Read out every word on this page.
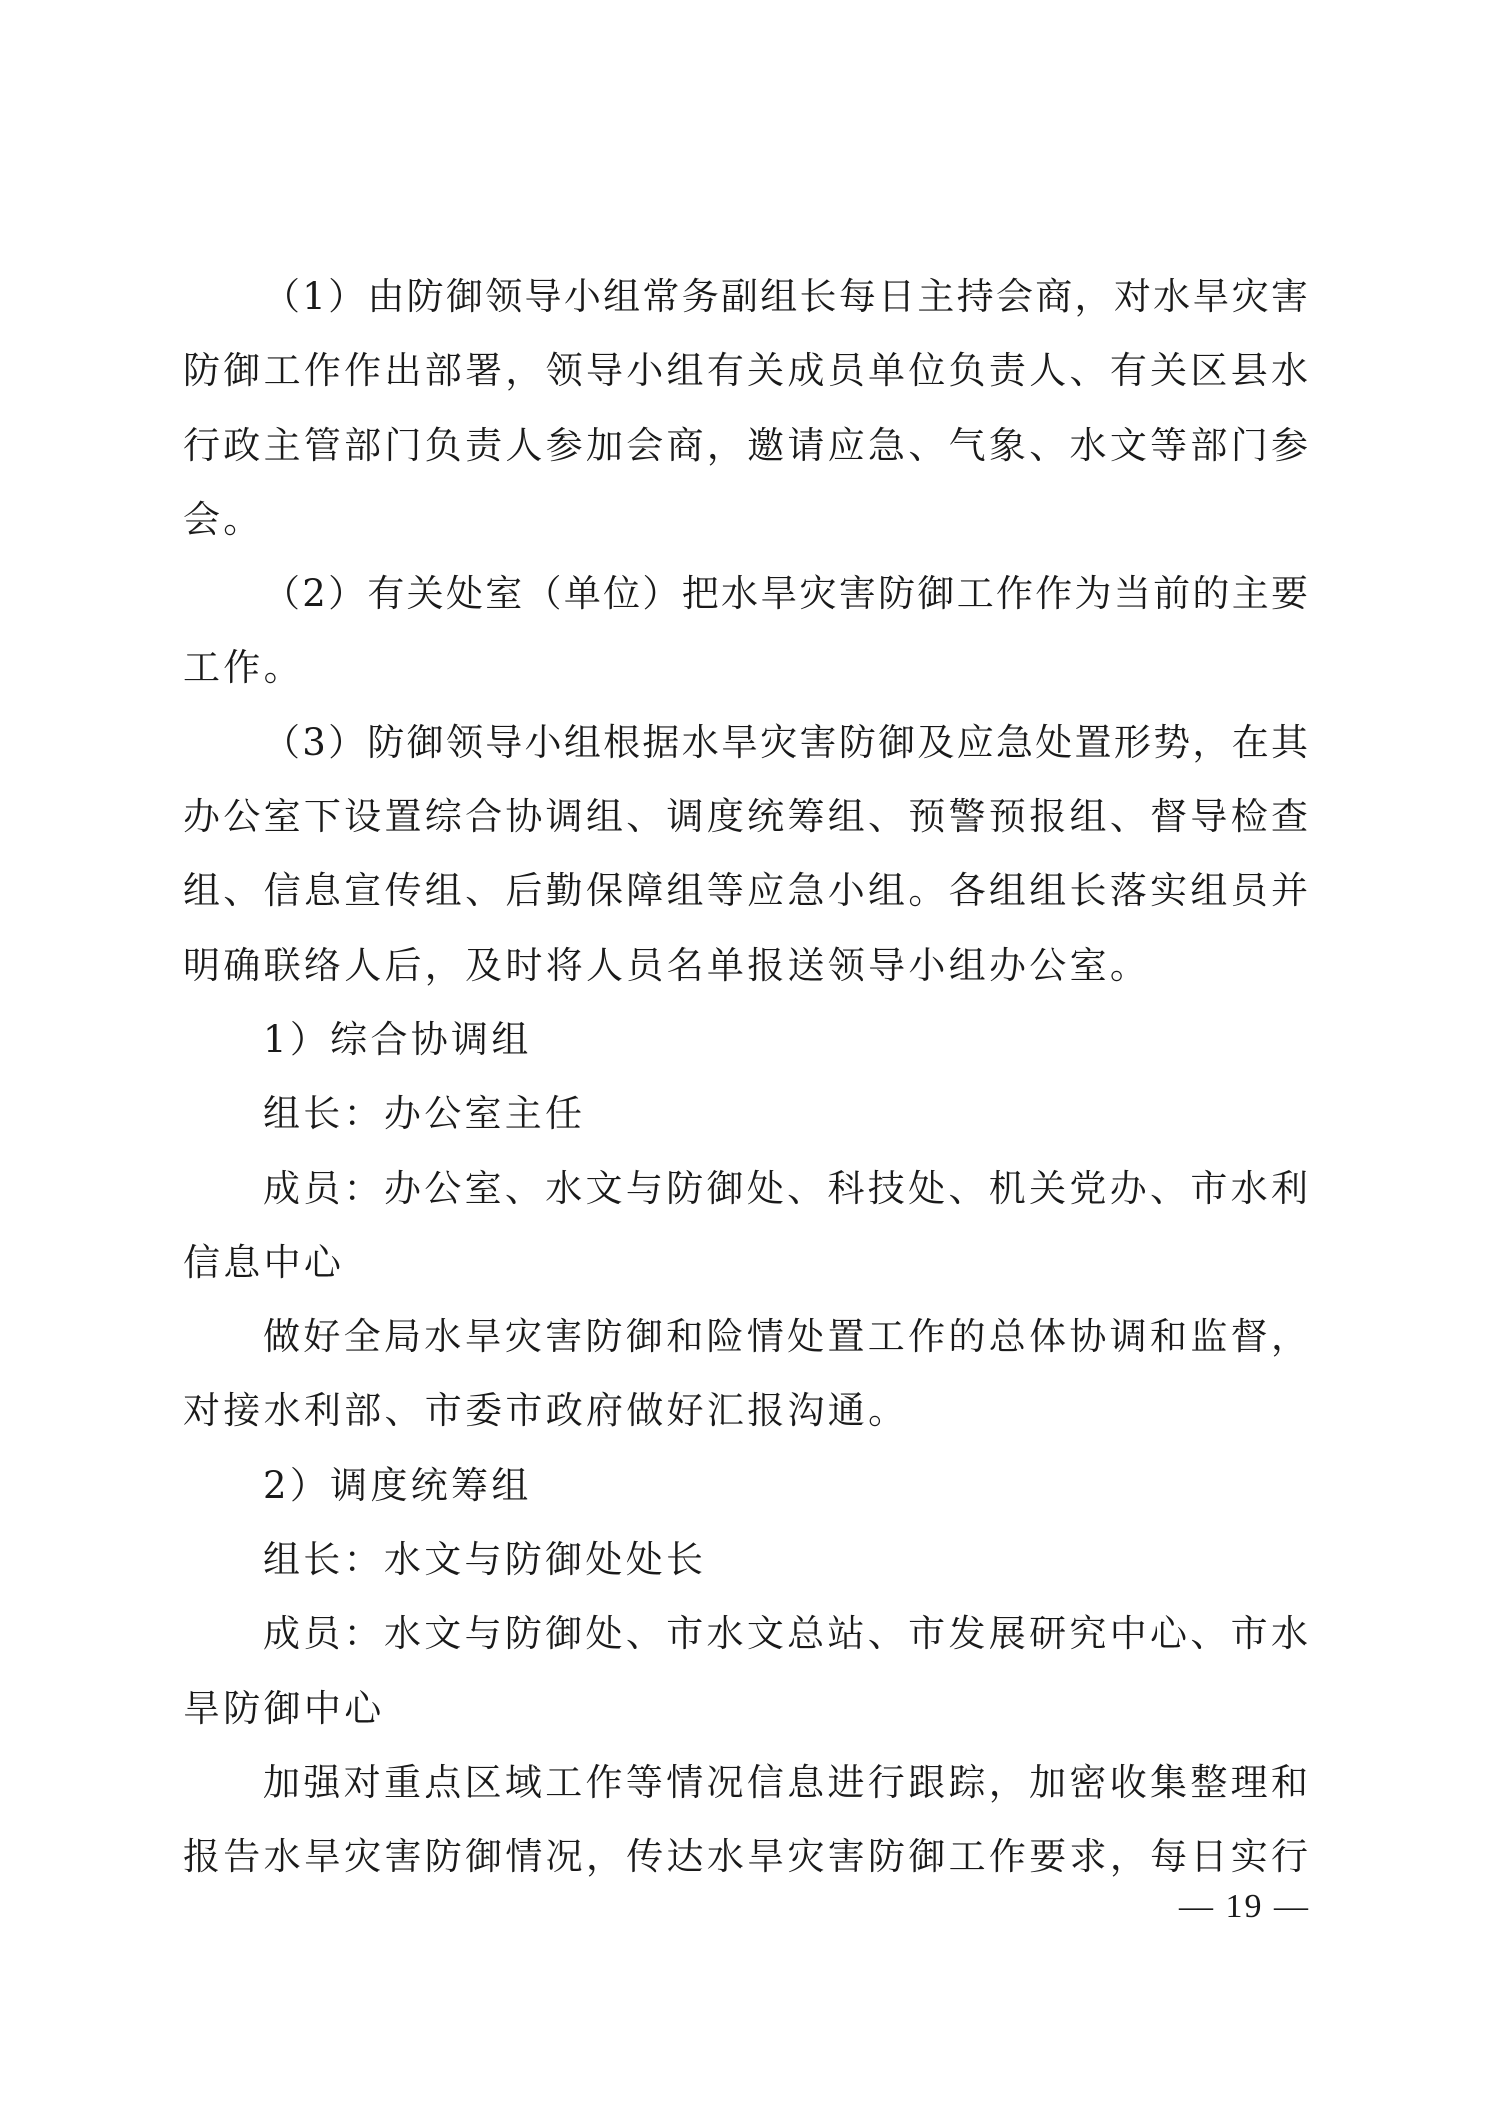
（1）由防御领导小组常务副组长每日主持会商，对水旱灾害
防御工作作出部署，领导小组有关成员单位负责人、有关区县水
行政主管部门负责人参加会商，邀请应急、气象、水文等部门参
会。
（2）有关处室（单位）把水旱灾害防御工作作为当前的主要
工作。
（3）防御领导小组根据水旱灾害防御及应急处置形势，在其
办公室下设置综合协调组、调度统筹组、预警预报组、督导检查
组、信息宣传组、后勤保障组等应急小组。各组组长落实组员并
明确联络人后，及时将人员名单报送领导小组办公室。
1）综合协调组
组长：办公室主任
成员：办公室、水文与防御处、科技处、机关党办、市水利
信息中心
做好全局水旱灾害防御和险情处置工作的总体协调和监督，
对接水利部、市委市政府做好汇报沟通。
2）调度统筹组
组长：水文与防御处处长
成员：水文与防御处、市水文总站、市发展研究中心、市水
旱防御中心
加强对重点区域工作等情况信息进行跟踪，加密收集整理和
报告水旱灾害防御情况，传达水旱灾害防御工作要求，每日实行
— 19 —
